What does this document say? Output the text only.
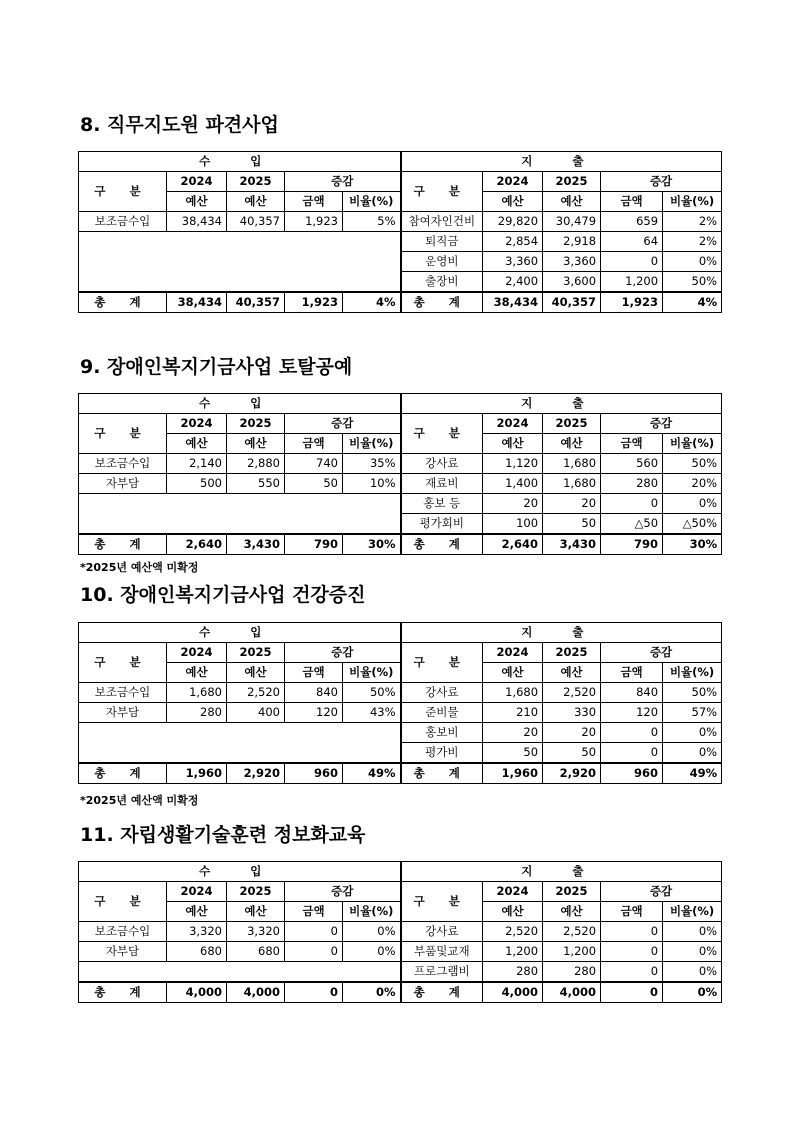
8. 직무지도원 파견사업
수 입					지 출				
구 분	2024	2025	증감		구 분	2024	2025	증감	
	예산	예산	금액	비율(%)		예산	예산	금액	비율(%)
보조금수입	38,434	40,357	1,923	5%	참여자인건비	29,820	30,479	659	2%
					퇴직금	2,854	2,918	64	2%
					운영비	3,360	3,360	0	0%
					출장비	2,400	3,600	1,200	50%
총 계	38,434	40,357	1,923	4%	총 계	38,434	40,357	1,923	4%
9. 장애인복지기금사업 토탈공예
수 입					지 출				
구 분	2024	2025	증감		구 분	2024	2025	증감	
	예산	예산	금액	비율(%)		예산	예산	금액	비율(%)
보조금수입	2,140	2,880	740	35%	강사료	1,120	1,680	560	50%
자부담	500	550	50	10%	재료비	1,400	1,680	280	20%
					홍보 등	20	20	0	0%
					평가회비	100	50	△50	△50%
총 계	2,640	3,430	790	30%	총 계	2,640	3,430	790	30%
*2025년 예산액 미확정
10. 장애인복지기금사업 건강증진
수 입					지 출				
구 분	2024	2025	증감		구 분	2024	2025	증감	
	예산	예산	금액	비율(%)		예산	예산	금액	비율(%)
보조금수입	1,680	2,520	840	50%	강사료	1,680	2,520	840	50%
자부담	280	400	120	43%	준비물	210	330	120	57%
					홍보비	20	20	0	0%
					평가비	50	50	0	0%
총 계	1,960	2,920	960	49%	총 계	1,960	2,920	960	49%
*2025년 예산액 미확정
11. 자립생활기술훈련 정보화교육
수 입					지 출				
구 분	2024	2025	증감		구 분	2024	2025	증감	
	예산	예산	금액	비율(%)		예산	예산	금액	비율(%)
보조금수입	3,320	3,320	0	0%	강사료	2,520	2,520	0	0%
자부담	680	680	0	0%	부품및교재	1,200	1,200	0	0%
					프로그램비	280	280	0	0%
총 계	4,000	4,000	0	0%	총 계	4,000	4,000	0	0%
